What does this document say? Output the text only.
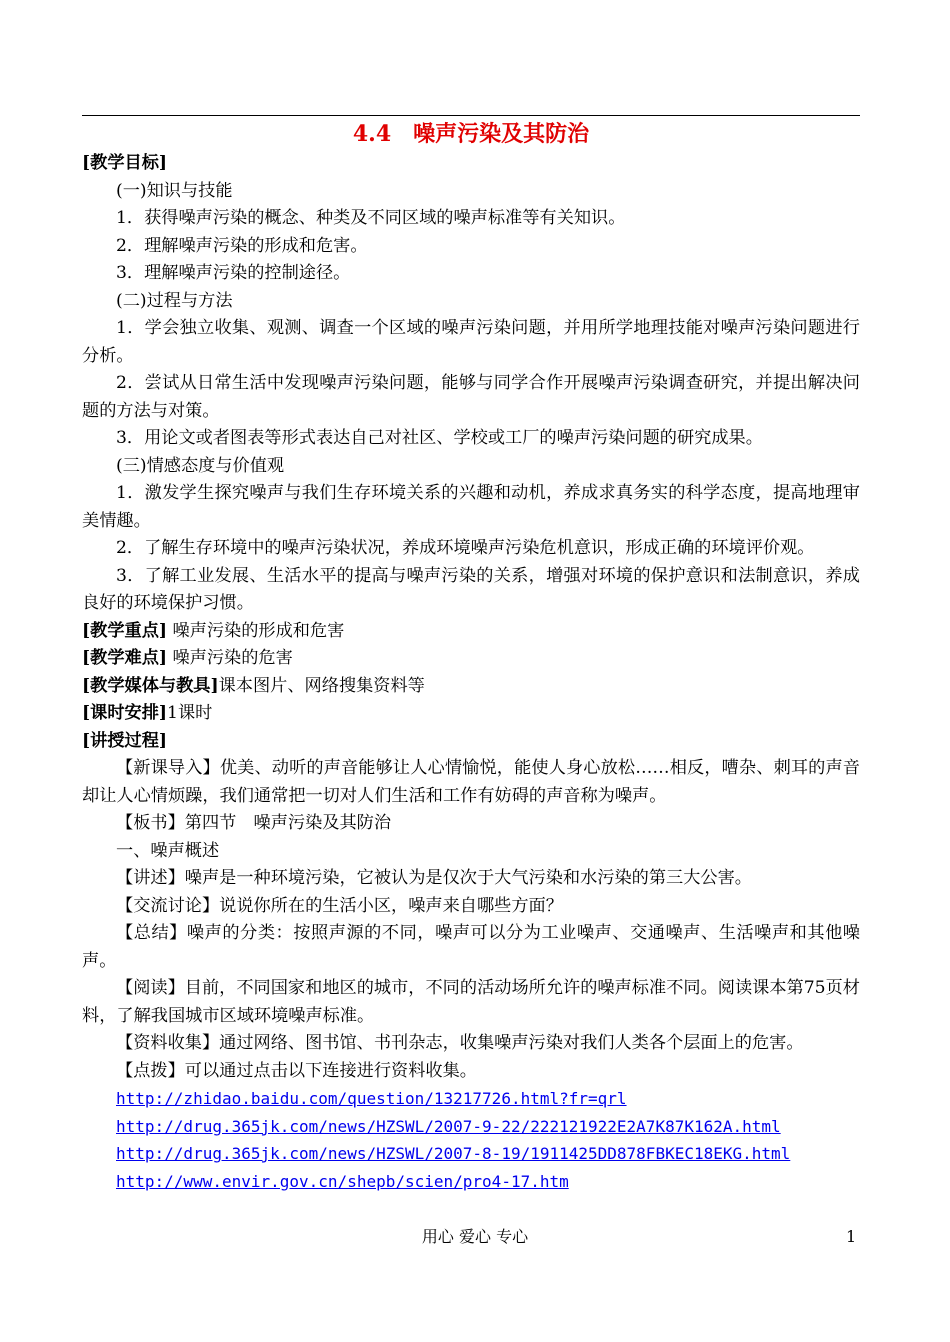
4.4　噪声污染及其防治
[教学目标]
(一)知识与技能
1．获得噪声污染的概念、种类及不同区域的噪声标准等有关知识。
2．理解噪声污染的形成和危害。
3．理解噪声污染的控制途径。
(二)过程与方法
1．学会独立收集、观测、调查一个区域的噪声污染问题，并用所学地理技能对噪声污染问题进行分析。
2．尝试从日常生活中发现噪声污染问题，能够与同学合作开展噪声污染调查研究，并提出解决问题的方法与对策。
3．用论文或者图表等形式表达自己对社区、学校或工厂的噪声污染问题的研究成果。
(三)情感态度与价值观
1．激发学生探究噪声与我们生存环境关系的兴趣和动机，养成求真务实的科学态度，提高地理审美情趣。
2．了解生存环境中的噪声污染状况，养成环境噪声污染危机意识，形成正确的环境评价观。
3．了解工业发展、生活水平的提高与噪声污染的关系，增强对环境的保护意识和法制意识，养成良好的环境保护习惯。
[教学重点] 噪声污染的形成和危害
[教学难点] 噪声污染的危害
[教学媒体与教具]课本图片、网络搜集资料等
[课时安排]1课时
[讲授过程]
【新课导入】优美、动听的声音能够让人心情愉悦，能使人身心放松……相反，嘈杂、刺耳的声音却让人心情烦躁，我们通常把一切对人们生活和工作有妨碍的声音称为噪声。
【板书】第四节　噪声污染及其防治
一、噪声概述
【讲述】噪声是一种环境污染，它被认为是仅次于大气污染和水污染的第三大公害。
【交流讨论】说说你所在的生活小区，噪声来自哪些方面？
【总结】噪声的分类：按照声源的不同，噪声可以分为工业噪声、交通噪声、生活噪声和其他噪声。
【阅读】目前，不同国家和地区的城市，不同的活动场所允许的噪声标准不同。阅读课本第75页材料，了解我国城市区域环境噪声标准。
【资料收集】通过网络、图书馆、书刊杂志，收集噪声污染对我们人类各个层面上的危害。
【点拨】可以通过点击以下连接进行资料收集。
http://zhidao.baidu.com/question/13217726.html?fr=qrl
http://drug.365jk.com/news/HZSWL/2007-9-22/222121922E2A7K87K162A.html
http://drug.365jk.com/news/HZSWL/2007-8-19/1911425DD878FBKEC18EKG.html
http://www.envir.gov.cn/shepb/scien/pro4-17.htm
用心 爱心 专心	1
